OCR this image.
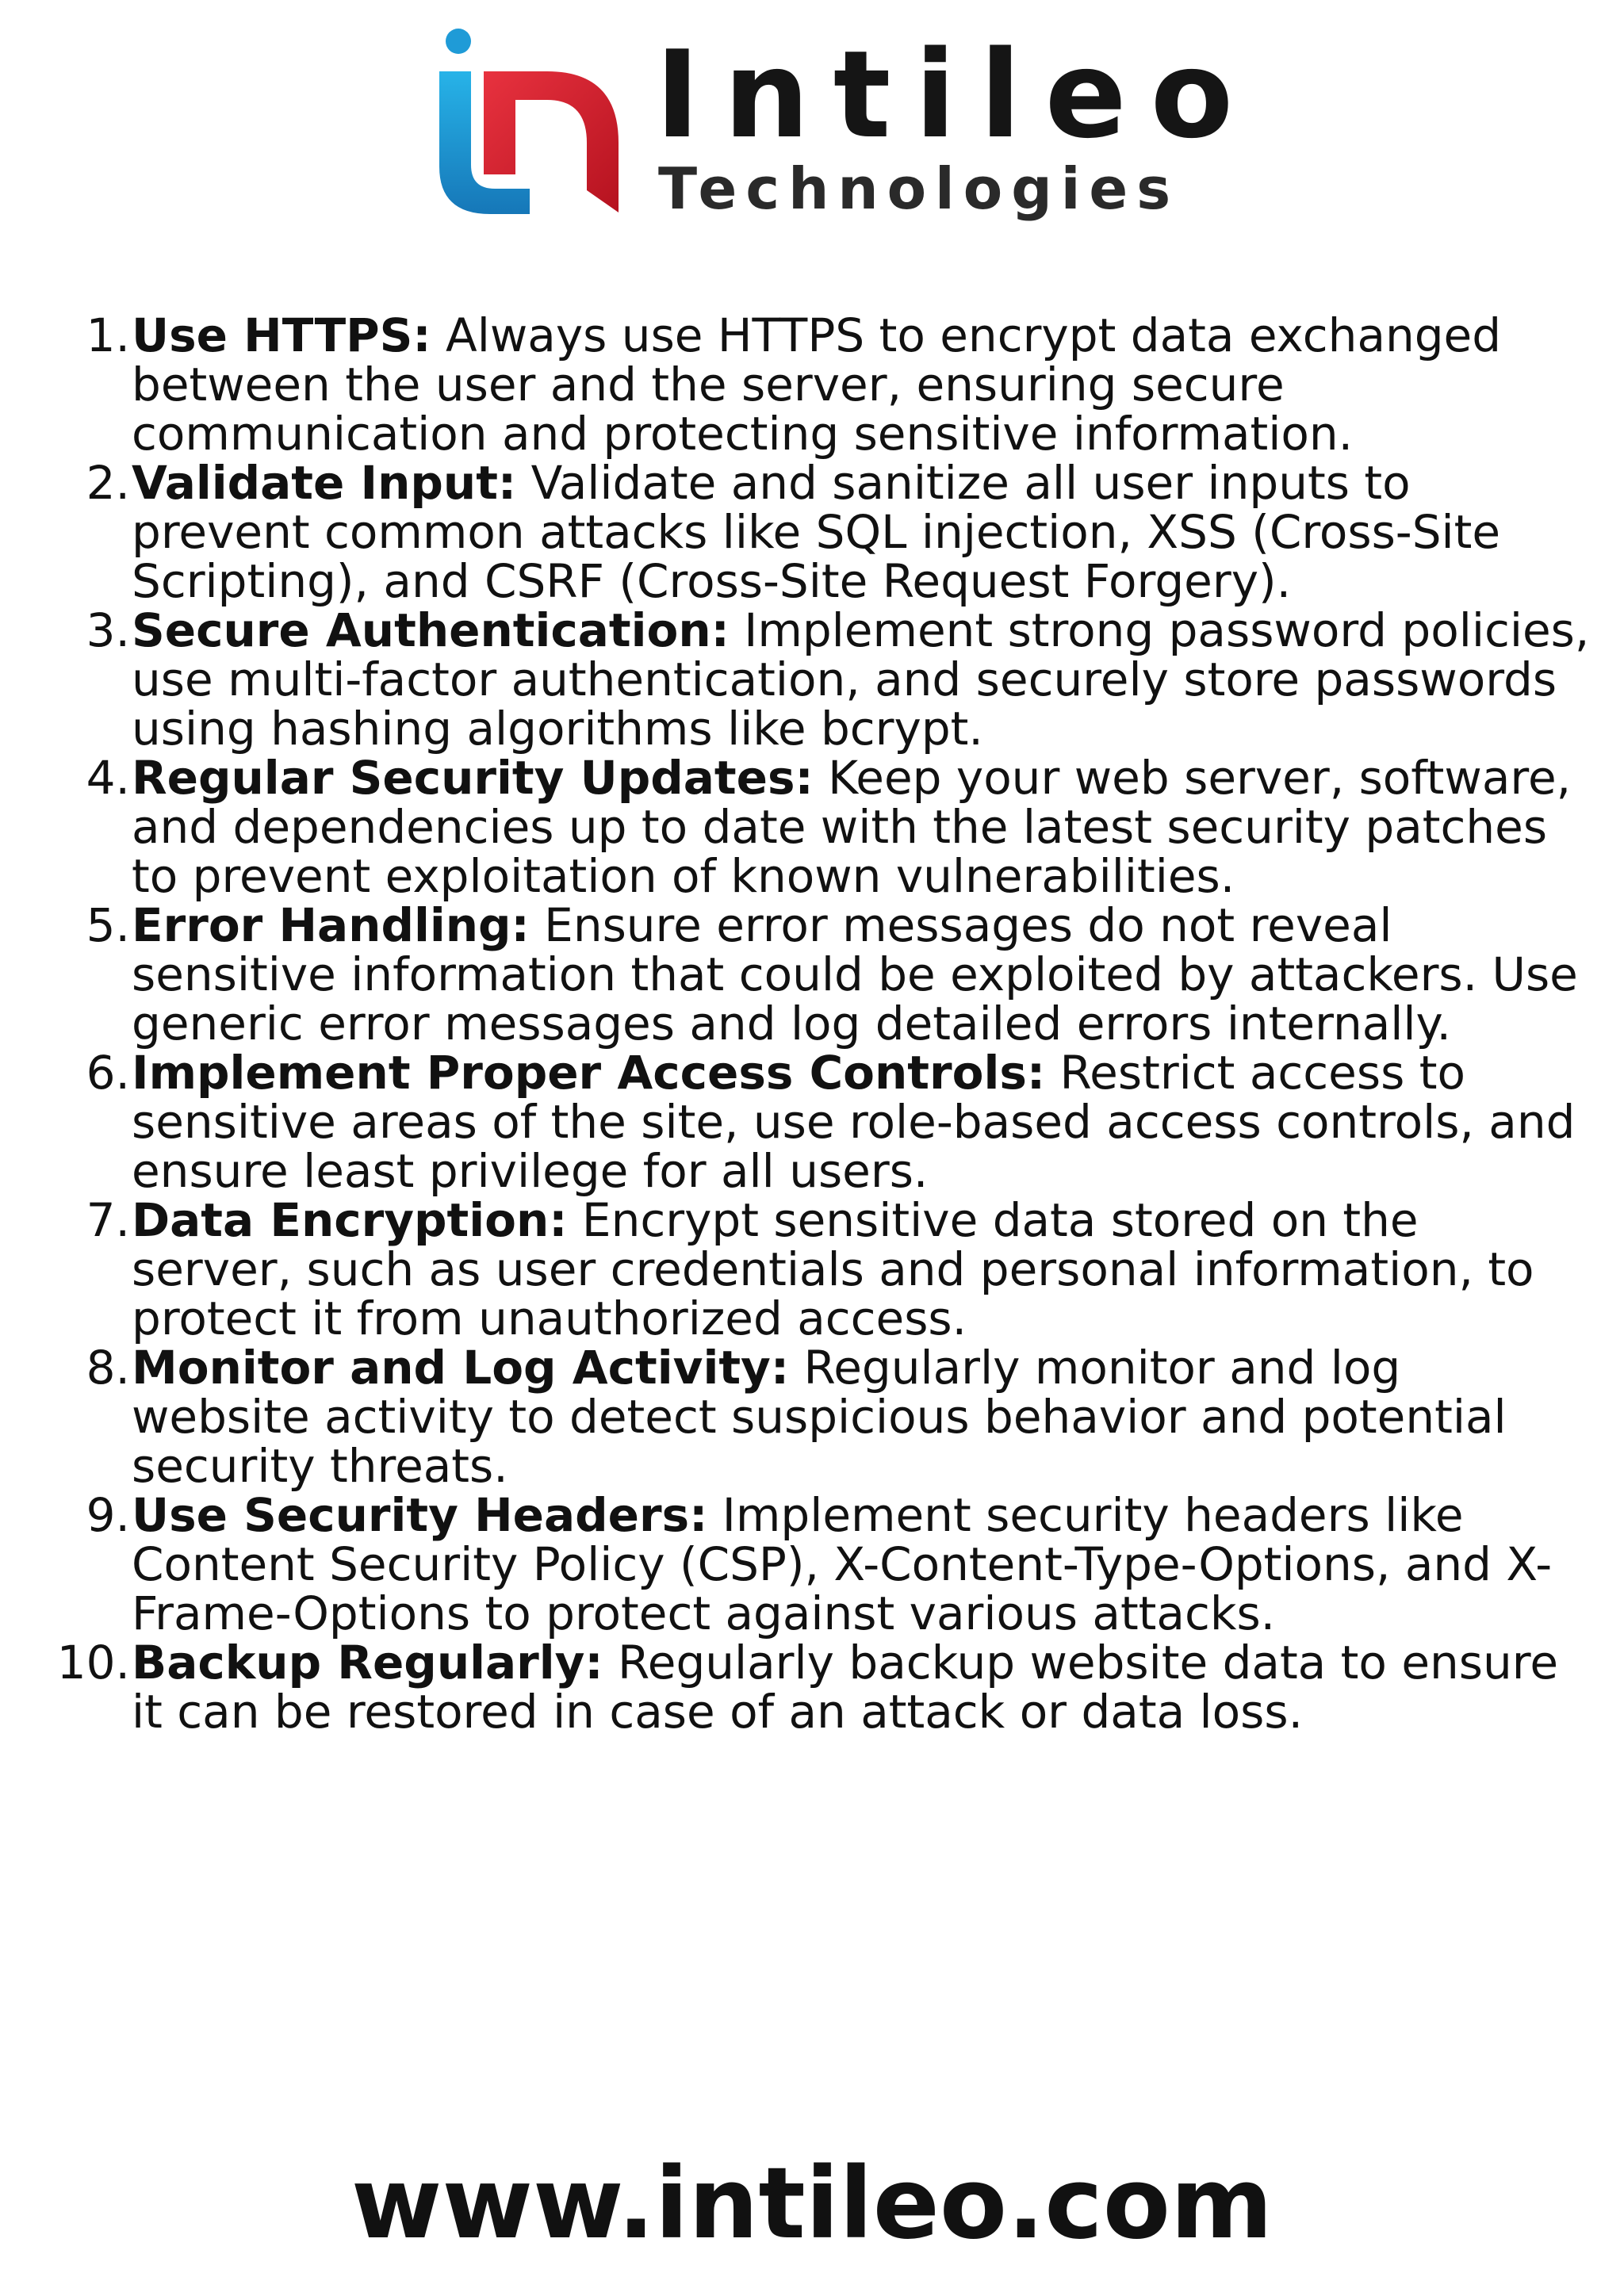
Intileo
Technologies
1. Use HTTPS: Always use HTTPS to encrypt data exchanged between the user and the server, ensuring secure communication and protecting sensitive information.
2. Validate Input: Validate and sanitize all user inputs to prevent common attacks like SQL injection, XSS (Cross-Site Scripting), and CSRF (Cross-Site Request Forgery).
3. Secure Authentication: Implement strong password policies, use multi-factor authentication, and securely store passwords using hashing algorithms like bcrypt.
4. Regular Security Updates: Keep your web server, software, and dependencies up to date with the latest security patches to prevent exploitation of known vulnerabilities.
5. Error Handling: Ensure error messages do not reveal sensitive information that could be exploited by attackers. Use generic error messages and log detailed errors internally.
6. Implement Proper Access Controls: Restrict access to sensitive areas of the site, use role-based access controls, and ensure least privilege for all users.
7. Data Encryption: Encrypt sensitive data stored on the server, such as user credentials and personal information, to protect it from unauthorized access.
8. Monitor and Log Activity: Regularly monitor and log website activity to detect suspicious behavior and potential security threats.
9. Use Security Headers: Implement security headers like Content Security Policy (CSP), X-Content-Type-Options, and X-Frame-Options to protect against various attacks.
10. Backup Regularly: Regularly backup website data to ensure it can be restored in case of an attack or data loss.
www.intileo.com
